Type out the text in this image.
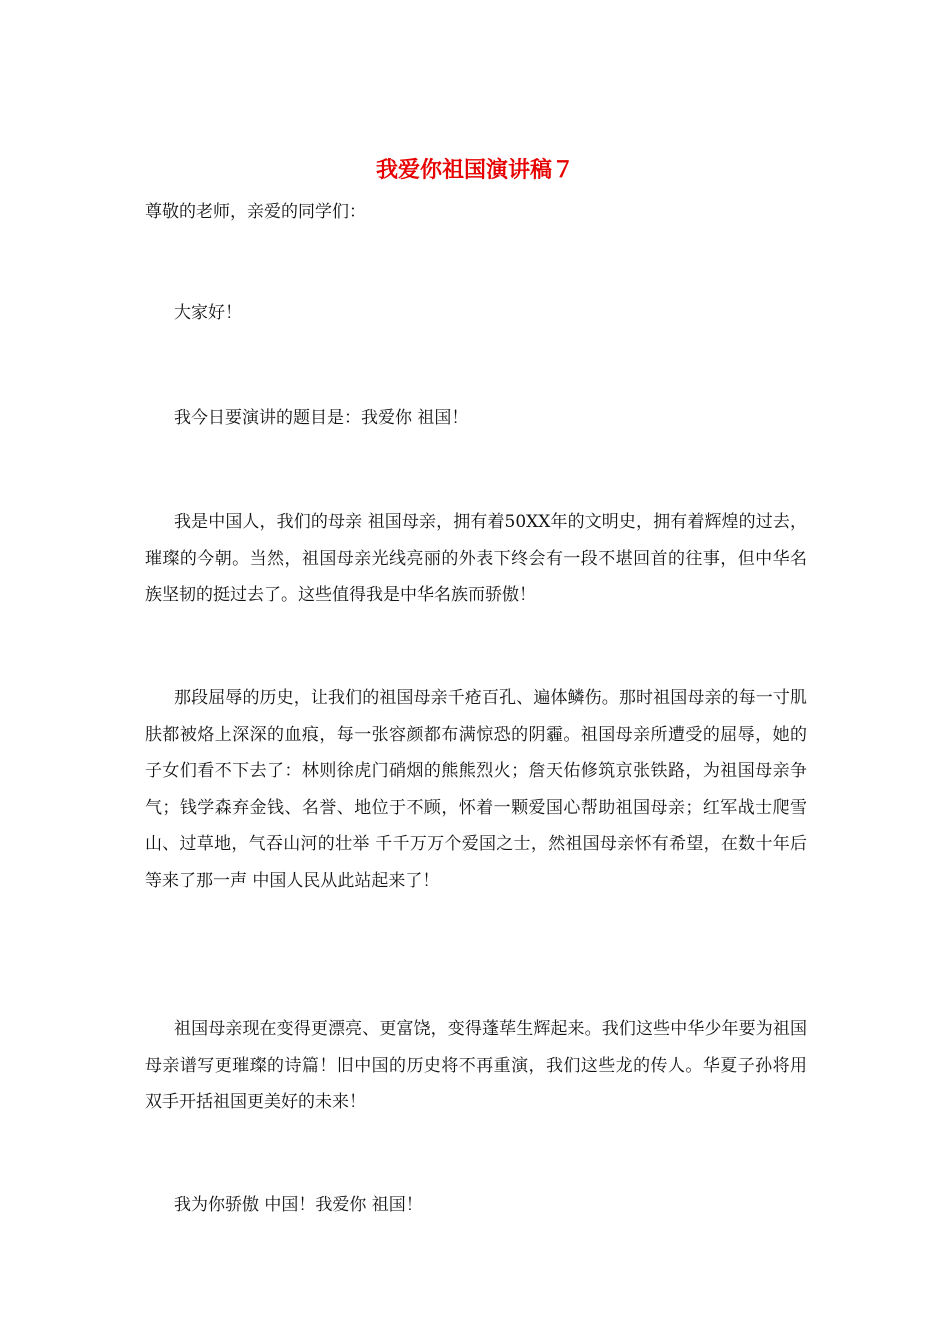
我爱你祖国演讲稿７

尊敬的老师，亲爱的同学们：

大家好！

我今日要演讲的题目是：我爱你 祖国！

我是中国人，我们的母亲 祖国母亲，拥有着50XX年的文明史，拥有着辉煌的过去，璀璨的今朝。当然，祖国母亲光线亮丽的外表下终会有一段不堪回首的往事，但中华名族坚韧的挺过去了。这些值得我是中华名族而骄傲！

那段屈辱的历史，让我们的祖国母亲千疮百孔、遍体鳞伤。那时祖国母亲的每一寸肌肤都被烙上深深的血痕，每一张容颜都布满惊恐的阴霾。祖国母亲所遭受的屈辱，她的子女们看不下去了：林则徐虎门硝烟的熊熊烈火；詹天佑修筑京张铁路，为祖国母亲争气；钱学森弃金钱、名誉、地位于不顾，怀着一颗爱国心帮助祖国母亲；红军战士爬雪山、过草地，气吞山河的壮举 千千万万个爱国之士，然祖国母亲怀有希望，在数十年后等来了那一声 中国人民从此站起来了！

祖国母亲现在变得更漂亮、更富饶，变得蓬荜生辉起来。我们这些中华少年要为祖国母亲谱写更璀璨的诗篇！旧中国的历史将不再重演，我们这些龙的传人。华夏子孙将用双手开括祖国更美好的未来！

我为你骄傲 中国！我爱你 祖国！
